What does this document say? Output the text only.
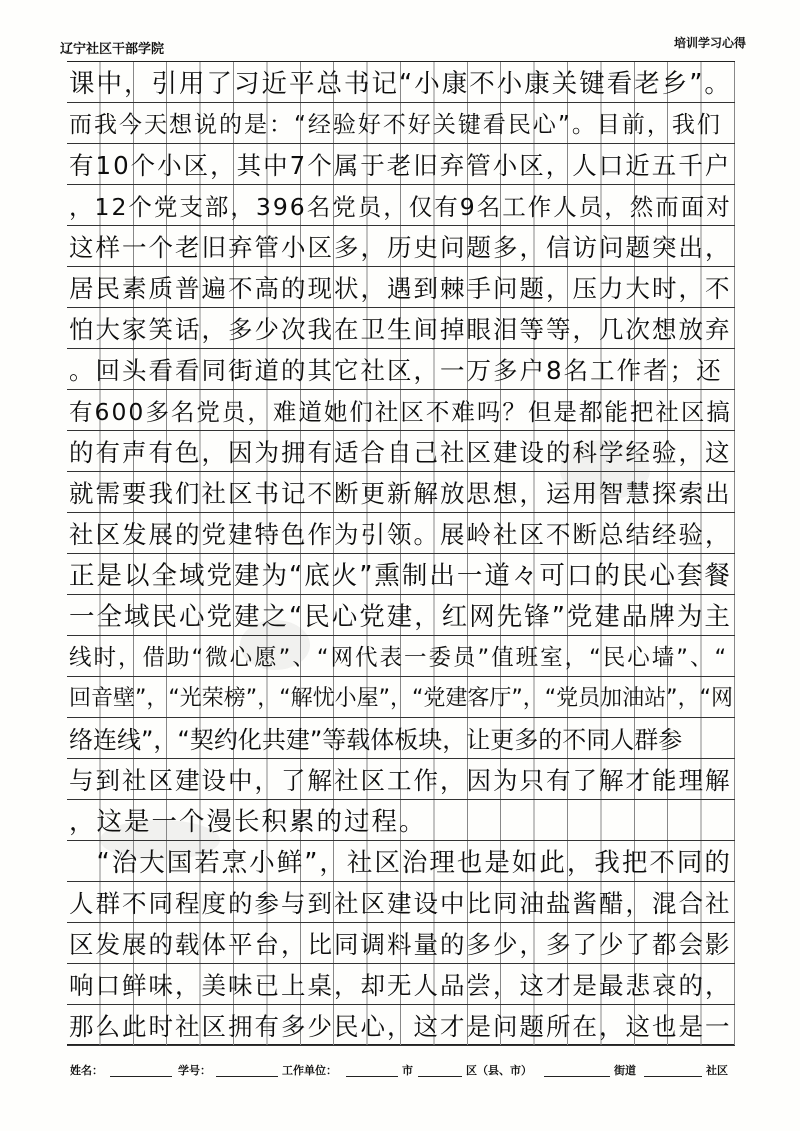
辽宁社区干部学院	培训学习心得
课中，引用了习近平总书记“小康不小康关键看老乡”。
而我今天想说的是：“经验好不好关键看民心”。目前，我们
有10个小区，其中7个属于老旧弃管小区，人口近五千户
，12个党支部，396名党员，仅有9名工作人员，然而面对
这样一个老旧弃管小区多，历史问题多，信访问题突出，
居民素质普遍不高的现状，遇到棘手问题，压力大时，不
怕大家笑话，多少次我在卫生间掉眼泪等等，几次想放弃
。回头看看同街道的其它社区，一万多户8名工作者；还
有600多名党员，难道她们社区不难吗？但是都能把社区搞
的有声有色，因为拥有适合自己社区建设的科学经验，这
就需要我们社区书记不断更新解放思想，运用智慧探索出
社区发展的党建特色作为引领。展岭社区不断总结经验，
正是以全域党建为“底火”熏制出一道々可口的民心套餐
一全域民心党建之“民心党建，红网先锋”党建品牌为主
线时，借助“微心愿”、“网代表一委员”值班室，“民心墙”、“
回音壁”，“光荣榜”，“解忧小屋”，“党建客厅”，“党员加油站”，“网
络连线”，“契约化共建”等载体板块，让更多的不同人群参
与到社区建设中，了解社区工作，因为只有了解才能理解
，这是一个漫长积累的过程。
　“治大国若烹小鲜”，社区治理也是如此，我把不同的
人群不同程度的参与到社区建设中比同油盐酱醋，混合社
区发展的载体平台，比同调料量的多少，多了少了都会影
响口鲜味，美味已上桌，却无人品尝，这才是最悲哀的，
那么此时社区拥有多少民心，这才是问题所在，这也是一
姓名：	学号：	工作单位：	市	区（县、市）	街道	社区
